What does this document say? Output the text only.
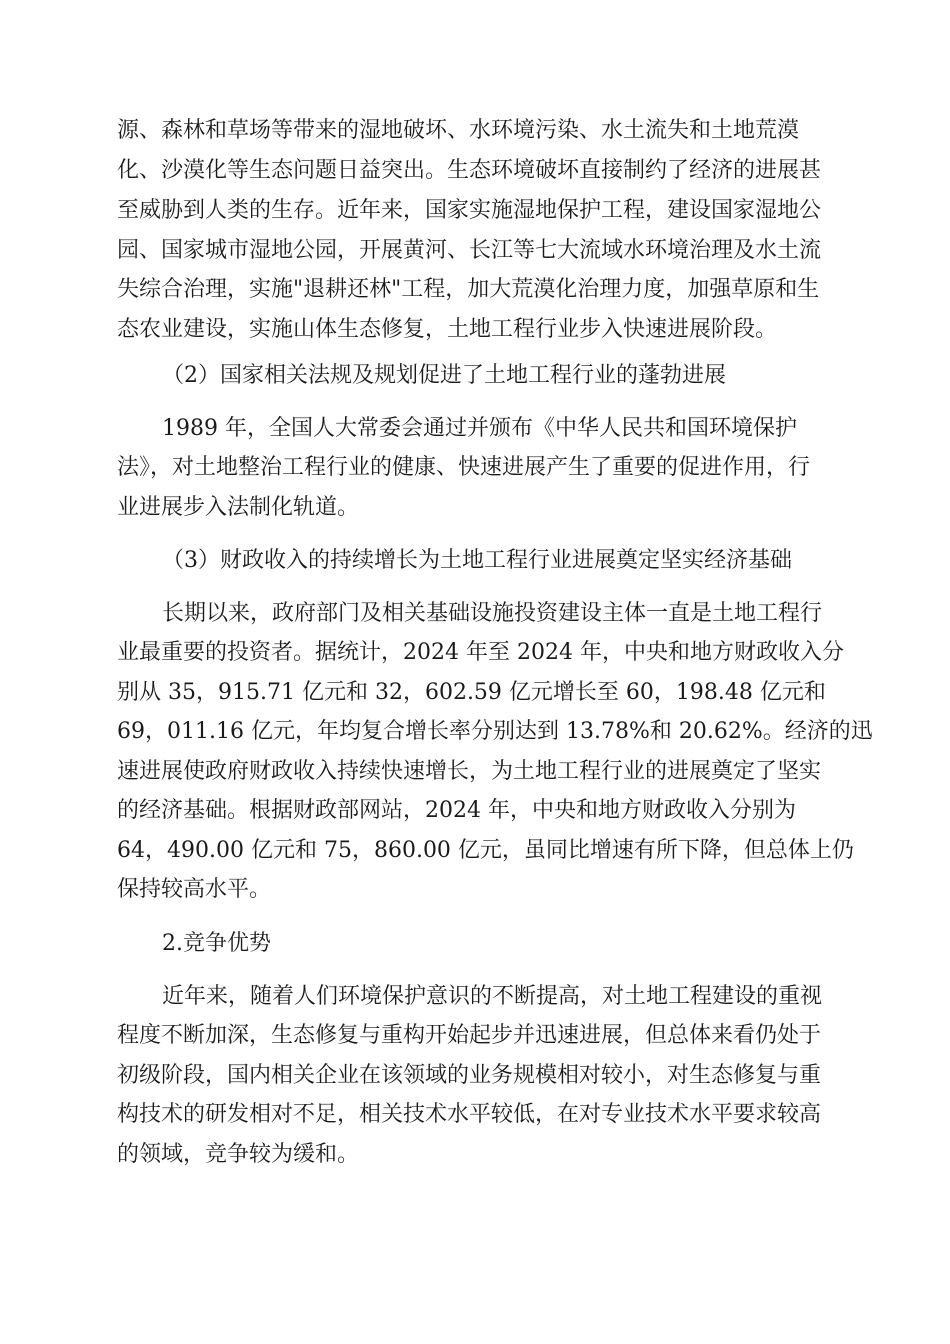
源、森林和草场等带来的湿地破坏、水环境污染、水土流失和土地荒漠
化、沙漠化等生态问题日益突出。生态环境破坏直接制约了经济的进展甚
至威胁到人类的生存。近年来，国家实施湿地保护工程，建设国家湿地公
园、国家城市湿地公园，开展黄河、长江等七大流域水环境治理及水土流
失综合治理，实施"退耕还林"工程，加大荒漠化治理力度，加强草原和生
态农业建设，实施山体生态修复，土地工程行业步入快速进展阶段。
（2）国家相关法规及规划促进了土地工程行业的蓬勃进展
1989 年，全国人大常委会通过并颁布《中华人民共和国环境保护
法》，对土地整治工程行业的健康、快速进展产生了重要的促进作用，行
业进展步入法制化轨道。
（3）财政收入的持续增长为土地工程行业进展奠定坚实经济基础
长期以来，政府部门及相关基础设施投资建设主体一直是土地工程行
业最重要的投资者。据统计，2024 年至 2024 年，中央和地方财政收入分
别从 35，915.71 亿元和 32，602.59 亿元增长至 60，198.48 亿元和
69，011.16 亿元，年均复合增长率分别达到 13.78%和 20.62%。经济的迅
速进展使政府财政收入持续快速增长，为土地工程行业的进展奠定了坚实
的经济基础。根据财政部网站，2024 年，中央和地方财政收入分别为
64，490.00 亿元和 75，860.00 亿元，虽同比增速有所下降，但总体上仍
保持较高水平。
2.竞争优势
近年来，随着人们环境保护意识的不断提高，对土地工程建设的重视
程度不断加深，生态修复与重构开始起步并迅速进展，但总体来看仍处于
初级阶段，国内相关企业在该领域的业务规模相对较小，对生态修复与重
构技术的研发相对不足，相关技术水平较低，在对专业技术水平要求较高
的领域，竞争较为缓和。
